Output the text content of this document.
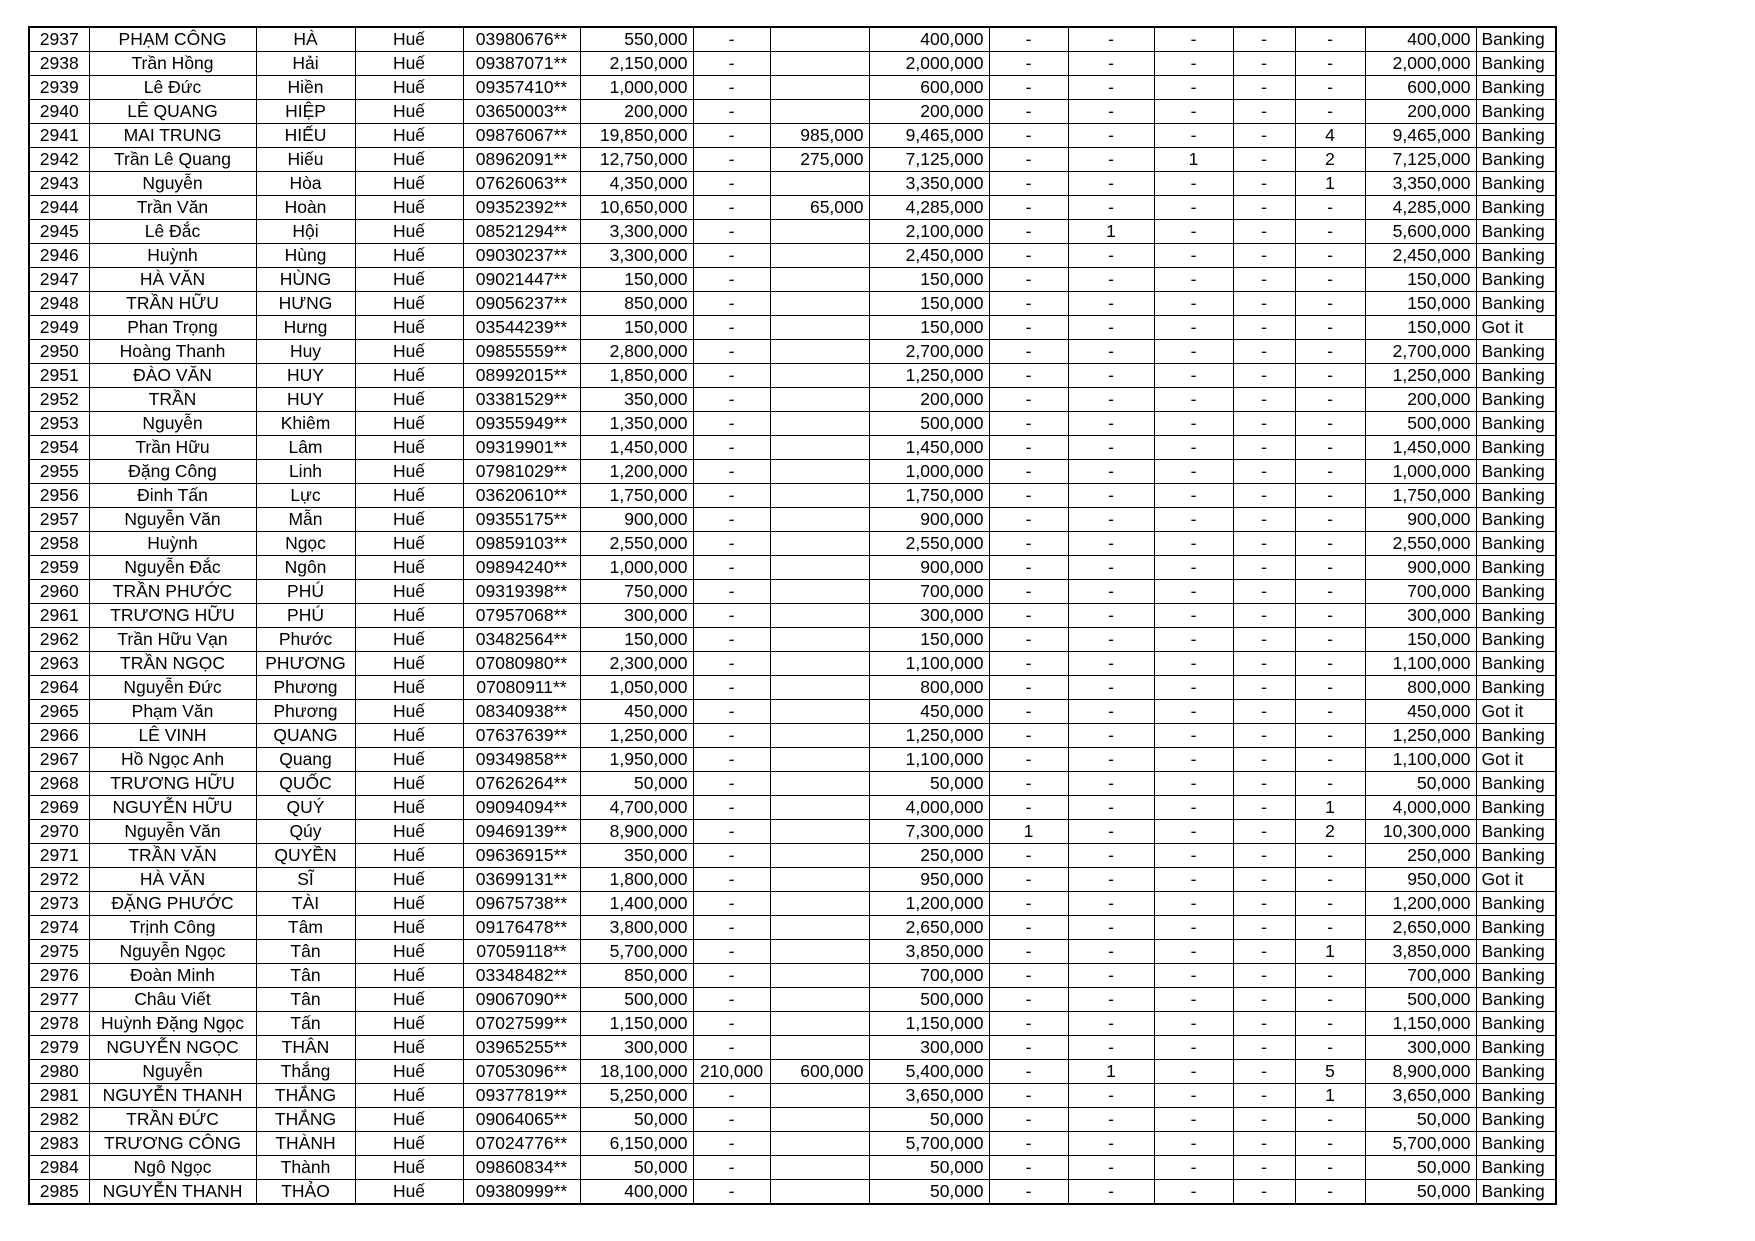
2937	PHẠM CÔNG	HÀ	Huế	03980676**	550,000	-		400,000	-	-	-	-	-	400,000	Banking
2938	Trần Hồng	Hải	Huế	09387071**	2,150,000	-		2,000,000	-	-	-	-	-	2,000,000	Banking
2939	Lê Đức	Hiền	Huế	09357410**	1,000,000	-		600,000	-	-	-	-	-	600,000	Banking
2940	LÊ QUANG	HIỆP	Huế	03650003**	200,000	-		200,000	-	-	-	-	-	200,000	Banking
2941	MAI TRUNG	HIẾU	Huế	09876067**	19,850,000	-	985,000	9,465,000	-	-	-	-	4	9,465,000	Banking
2942	Trần Lê Quang	Hiếu	Huế	08962091**	12,750,000	-	275,000	7,125,000	-	-	1	-	2	7,125,000	Banking
2943	Nguyễn	Hòa	Huế	07626063**	4,350,000	-		3,350,000	-	-	-	-	1	3,350,000	Banking
2944	Trần Văn	Hoàn	Huế	09352392**	10,650,000	-	65,000	4,285,000	-	-	-	-	-	4,285,000	Banking
2945	Lê Đắc	Hội	Huế	08521294**	3,300,000	-		2,100,000	-	1	-	-	-	5,600,000	Banking
2946	Huỳnh	Hùng	Huế	09030237**	3,300,000	-		2,450,000	-	-	-	-	-	2,450,000	Banking
2947	HÀ VĂN	HÙNG	Huế	09021447**	150,000	-		150,000	-	-	-	-	-	150,000	Banking
2948	TRẦN HỮU	HƯNG	Huế	09056237**	850,000	-		150,000	-	-	-	-	-	150,000	Banking
2949	Phan Trọng	Hưng	Huế	03544239**	150,000	-		150,000	-	-	-	-	-	150,000	Got it
2950	Hoàng Thanh	Huy	Huế	09855559**	2,800,000	-		2,700,000	-	-	-	-	-	2,700,000	Banking
2951	ĐÀO VĂN	HUY	Huế	08992015**	1,850,000	-		1,250,000	-	-	-	-	-	1,250,000	Banking
2952	TRẦN	HUY	Huế	03381529**	350,000	-		200,000	-	-	-	-	-	200,000	Banking
2953	Nguyễn	Khiêm	Huế	09355949**	1,350,000	-		500,000	-	-	-	-	-	500,000	Banking
2954	Trần Hữu	Lâm	Huế	09319901**	1,450,000	-		1,450,000	-	-	-	-	-	1,450,000	Banking
2955	Đặng Công	Linh	Huế	07981029**	1,200,000	-		1,000,000	-	-	-	-	-	1,000,000	Banking
2956	Đinh Tấn	Lực	Huế	03620610**	1,750,000	-		1,750,000	-	-	-	-	-	1,750,000	Banking
2957	Nguyễn Văn	Mẫn	Huế	09355175**	900,000	-		900,000	-	-	-	-	-	900,000	Banking
2958	Huỳnh	Ngọc	Huế	09859103**	2,550,000	-		2,550,000	-	-	-	-	-	2,550,000	Banking
2959	Nguyễn Đắc	Ngôn	Huế	09894240**	1,000,000	-		900,000	-	-	-	-	-	900,000	Banking
2960	TRẦN PHƯỚC	PHÚ	Huế	09319398**	750,000	-		700,000	-	-	-	-	-	700,000	Banking
2961	TRƯƠNG HỮU	PHÚ	Huế	07957068**	300,000	-		300,000	-	-	-	-	-	300,000	Banking
2962	Trần Hữu Vạn	Phước	Huế	03482564**	150,000	-		150,000	-	-	-	-	-	150,000	Banking
2963	TRẦN NGỌC	PHƯƠNG	Huế	07080980**	2,300,000	-		1,100,000	-	-	-	-	-	1,100,000	Banking
2964	Nguyễn Đức	Phương	Huế	07080911**	1,050,000	-		800,000	-	-	-	-	-	800,000	Banking
2965	Phạm Văn	Phương	Huế	08340938**	450,000	-		450,000	-	-	-	-	-	450,000	Got it
2966	LÊ VINH	QUANG	Huế	07637639**	1,250,000	-		1,250,000	-	-	-	-	-	1,250,000	Banking
2967	Hồ Ngọc Anh	Quang	Huế	09349858**	1,950,000	-		1,100,000	-	-	-	-	-	1,100,000	Got it
2968	TRƯƠNG HỮU	QUỐC	Huế	07626264**	50,000	-		50,000	-	-	-	-	-	50,000	Banking
2969	NGUYỄN HỮU	QUÝ	Huế	09094094**	4,700,000	-		4,000,000	-	-	-	-	1	4,000,000	Banking
2970	Nguyễn Văn	Qúy	Huế	09469139**	8,900,000	-		7,300,000	1	-	-	-	2	10,300,000	Banking
2971	TRẦN VĂN	QUYỀN	Huế	09636915**	350,000	-		250,000	-	-	-	-	-	250,000	Banking
2972	HÀ VĂN	SĨ	Huế	03699131**	1,800,000	-		950,000	-	-	-	-	-	950,000	Got it
2973	ĐẶNG PHƯỚC	TÀI	Huế	09675738**	1,400,000	-		1,200,000	-	-	-	-	-	1,200,000	Banking
2974	Trịnh Công	Tâm	Huế	09176478**	3,800,000	-		2,650,000	-	-	-	-	-	2,650,000	Banking
2975	Nguyễn Ngọc	Tân	Huế	07059118**	5,700,000	-		3,850,000	-	-	-	-	1	3,850,000	Banking
2976	Đoàn Minh	Tân	Huế	03348482**	850,000	-		700,000	-	-	-	-	-	700,000	Banking
2977	Châu Viết	Tân	Huế	09067090**	500,000	-		500,000	-	-	-	-	-	500,000	Banking
2978	Huỳnh Đặng Ngọc	Tấn	Huế	07027599**	1,150,000	-		1,150,000	-	-	-	-	-	1,150,000	Banking
2979	NGUYỄN NGỌC	THÂN	Huế	03965255**	300,000	-		300,000	-	-	-	-	-	300,000	Banking
2980	Nguyễn	Thắng	Huế	07053096**	18,100,000	210,000	600,000	5,400,000	-	1	-	-	5	8,900,000	Banking
2981	NGUYỄN THANH	THẮNG	Huế	09377819**	5,250,000	-		3,650,000	-	-	-	-	1	3,650,000	Banking
2982	TRẦN ĐỨC	THẮNG	Huế	09064065**	50,000	-		50,000	-	-	-	-	-	50,000	Banking
2983	TRƯƠNG CÔNG	THÀNH	Huế	07024776**	6,150,000	-		5,700,000	-	-	-	-	-	5,700,000	Banking
2984	Ngô Ngọc	Thành	Huế	09860834**	50,000	-		50,000	-	-	-	-	-	50,000	Banking
2985	NGUYỄN THANH	THẢO	Huế	09380999**	400,000	-		50,000	-	-	-	-	-	50,000	Banking
